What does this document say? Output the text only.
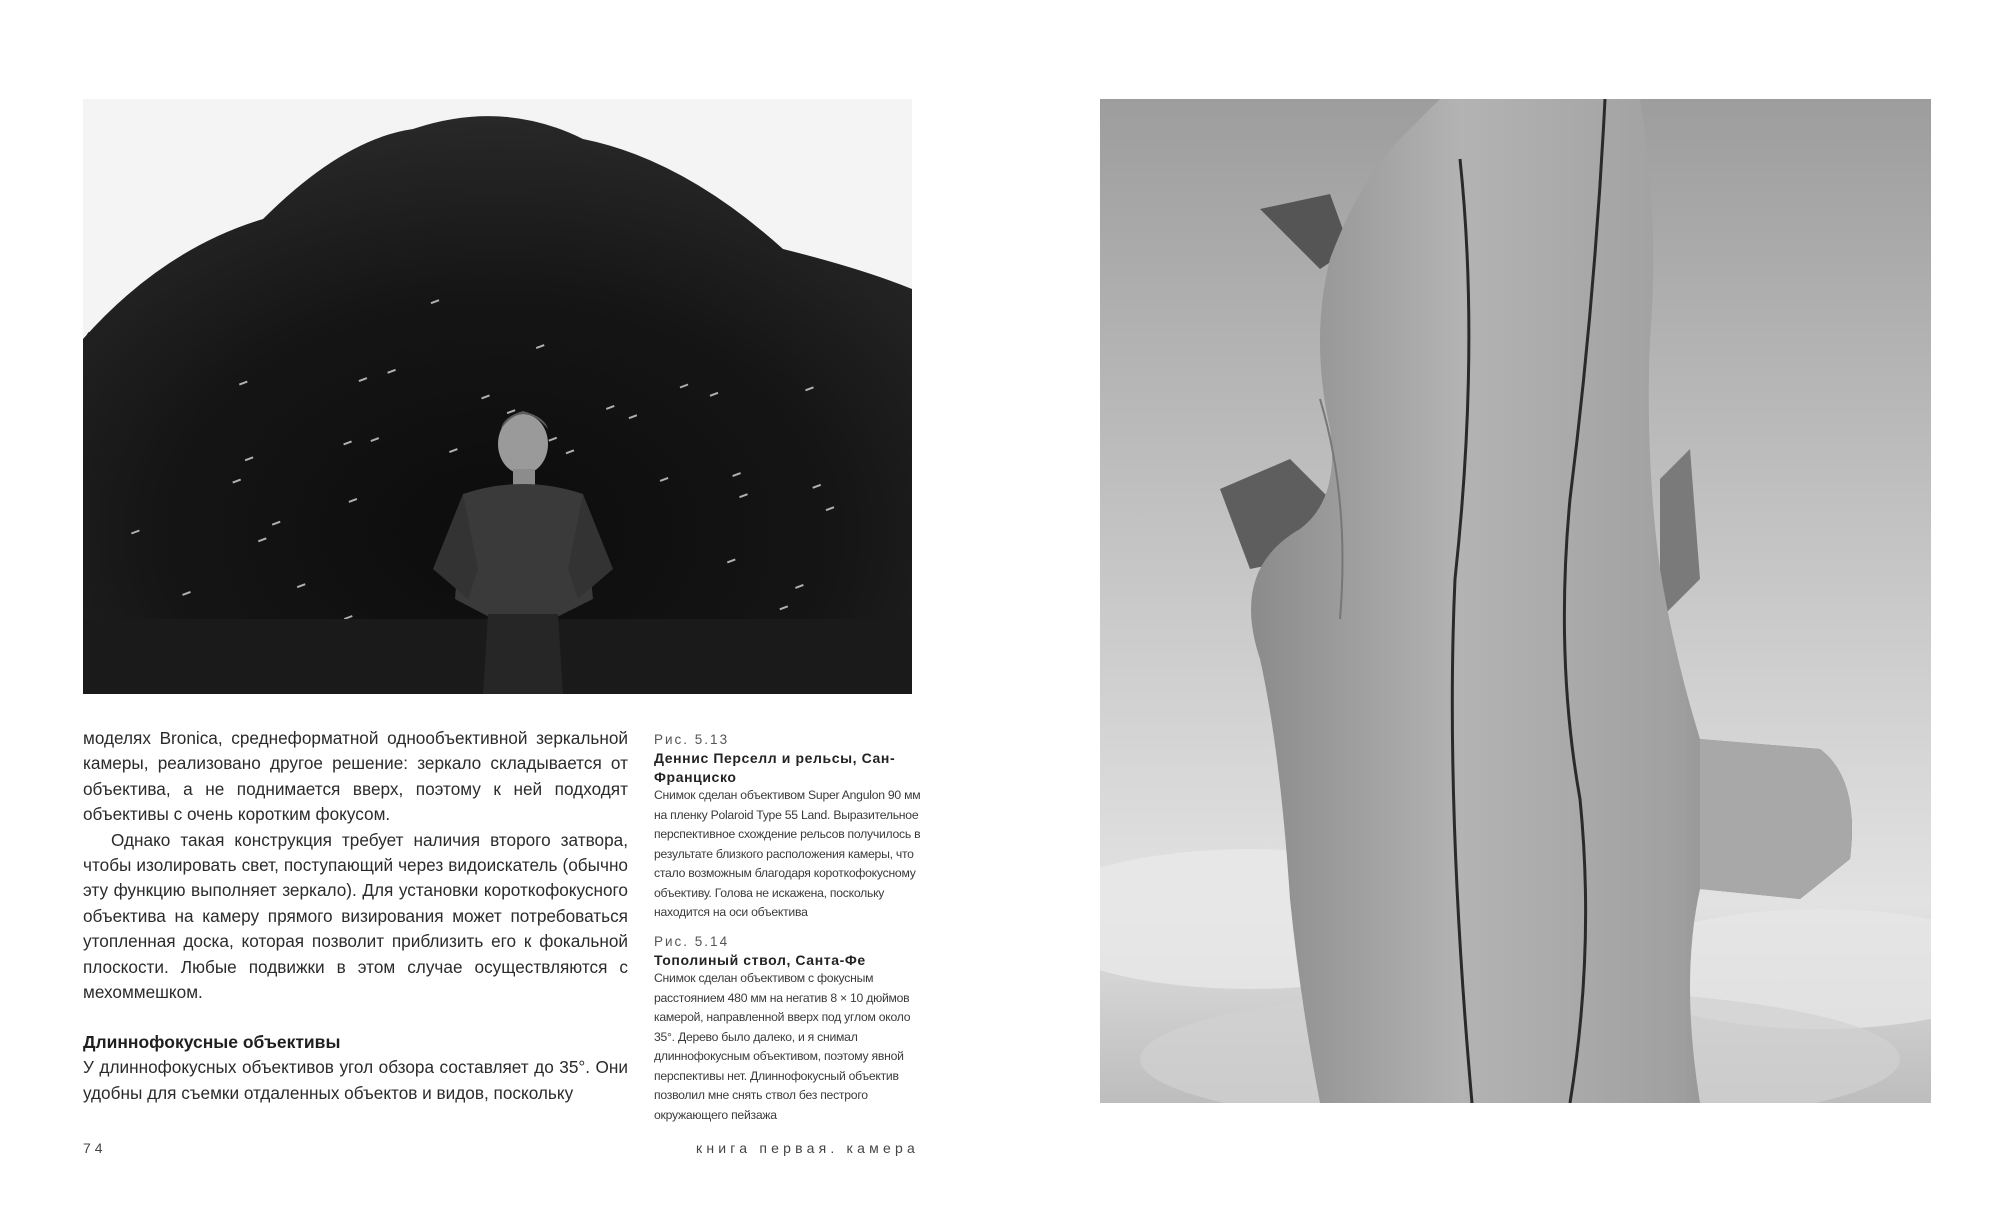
моделях Bronica, среднеформатной однообъективной зеркальной камеры, реализовано другое решение: зеркало складывается от объектива, а не поднимается вверх, поэтому к ней подходят объективы с очень коротким фокусом.

Однако такая конструкция требует наличия второго затвора, чтобы изолировать свет, поступающий через видоискатель (обычно эту функцию выполняет зеркало). Для установки короткофокусного объектива на камеру прямого визирования может потребоваться утопленная доска, которая позволит приблизить его к фокальной плоскости. Любые подвижки в этом случае осуществляются с мехоммешком.

Длиннофокусные объективы

У длиннофокусных объективов угол обзора составляет до 35°. Они удобны для съемки отдаленных объектов и видов, поскольку

Рис. 5.13
Деннис Перселл и рельсы, Сан-Франциско
Снимок сделан объективом Super Angulon 90 мм на пленку Polaroid Type 55 Land. Выразительное перспективное схождение рельсов получилось в результате близкого расположения камеры, что стало возможным благодаря короткофокусному объективу. Голова не искажена, поскольку находится на оси объектива
Рис. 5.14
Тополиный ствол, Санта-Фе
Снимок сделан объективом с фокусным расстоянием 480 мм на негатив 8 × 10 дюймов камерой, направленной вверх под углом около 35°. Дерево было далеко, и я снимал длиннофокусным объективом, поэтому явной перспективы нет. Длиннофокусный объектив позволил мне снять ствол без пестрого окружающего пейзажа
74	книга первая. камера
